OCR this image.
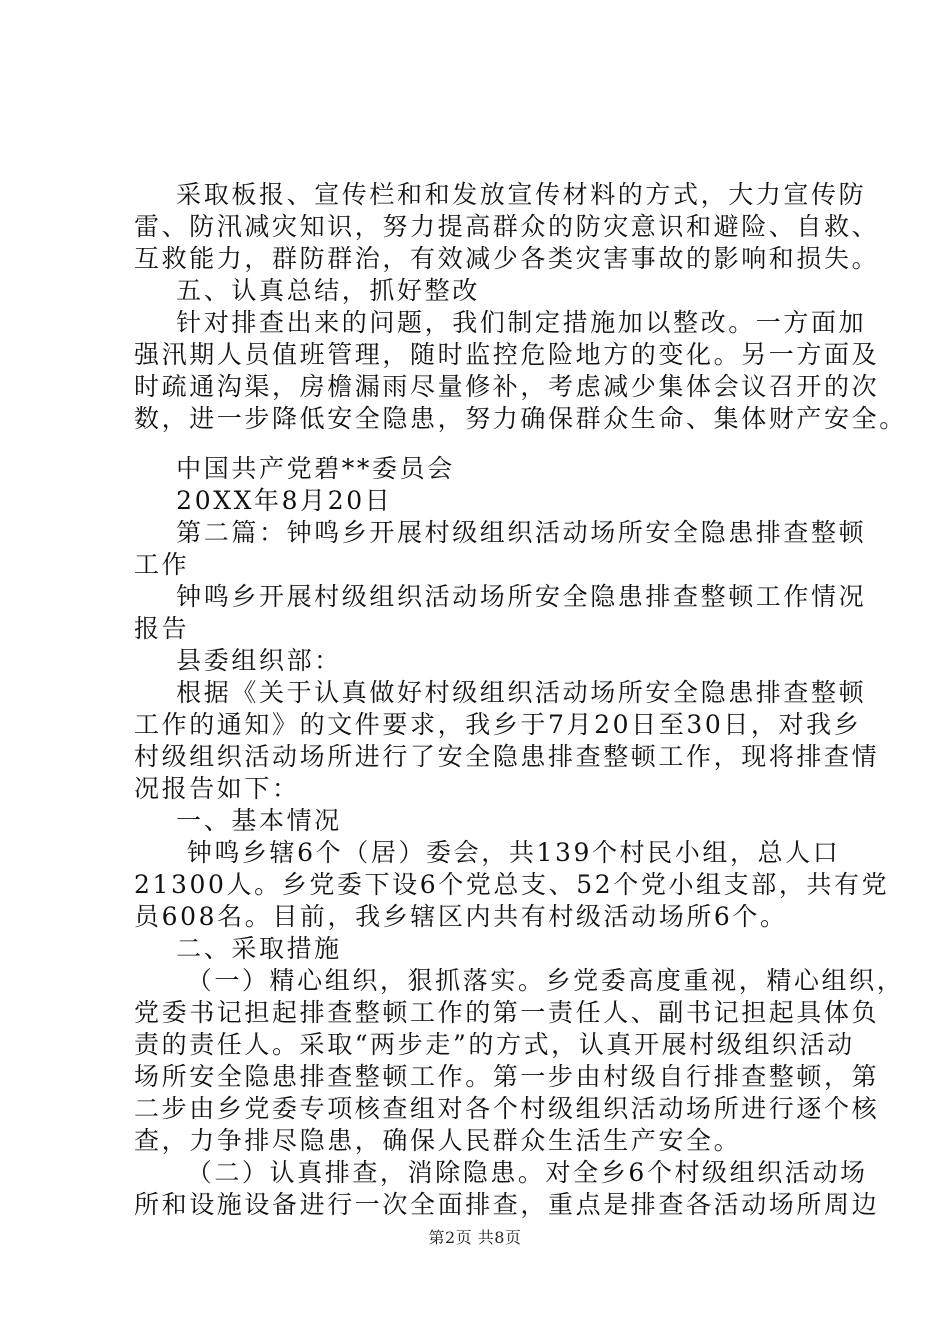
采取板报、宣传栏和和发放宣传材料的方式，大力宣传防
雷、防汛减灾知识，努力提高群众的防灾意识和避险、自救、
互救能力，群防群治，有效减少各类灾害事故的影响和损失。
五、认真总结，抓好整改
针对排查出来的问题，我们制定措施加以整改。一方面加
强汛期人员值班管理，随时监控危险地方的变化。另一方面及
时疏通沟渠，房檐漏雨尽量修补，考虑减少集体会议召开的次
数，进一步降低安全隐患，努力确保群众生命、集体财产安全。
中国共产党碧**委员会
20XX年8月20日
第二篇：钟鸣乡开展村级组织活动场所安全隐患排查整顿
工作
钟鸣乡开展村级组织活动场所安全隐患排查整顿工作情况
报告
县委组织部：
根据《关于认真做好村级组织活动场所安全隐患排查整顿
工作的通知》的文件要求，我乡于7月20日至30日，对我乡
村级组织活动场所进行了安全隐患排查整顿工作，现将排查情
况报告如下：
一、基本情况
钟鸣乡辖6个（居）委会，共139个村民小组，总人口
21300人。乡党委下设6个党总支、52个党小组支部，共有党
员608名。目前，我乡辖区内共有村级活动场所6个。
二、采取措施
（一）精心组织，狠抓落实。乡党委高度重视，精心组织，
党委书记担起排查整顿工作的第一责任人、副书记担起具体负
责的责任人。采取“两步走”的方式，认真开展村级组织活动
场所安全隐患排查整顿工作。第一步由村级自行排查整顿，第
二步由乡党委专项核查组对各个村级组织活动场所进行逐个核
查，力争排尽隐患，确保人民群众生活生产安全。
（二）认真排查，消除隐患。对全乡6个村级组织活动场
所和设施设备进行一次全面排查，重点是排查各活动场所周边
第2页 共8页
